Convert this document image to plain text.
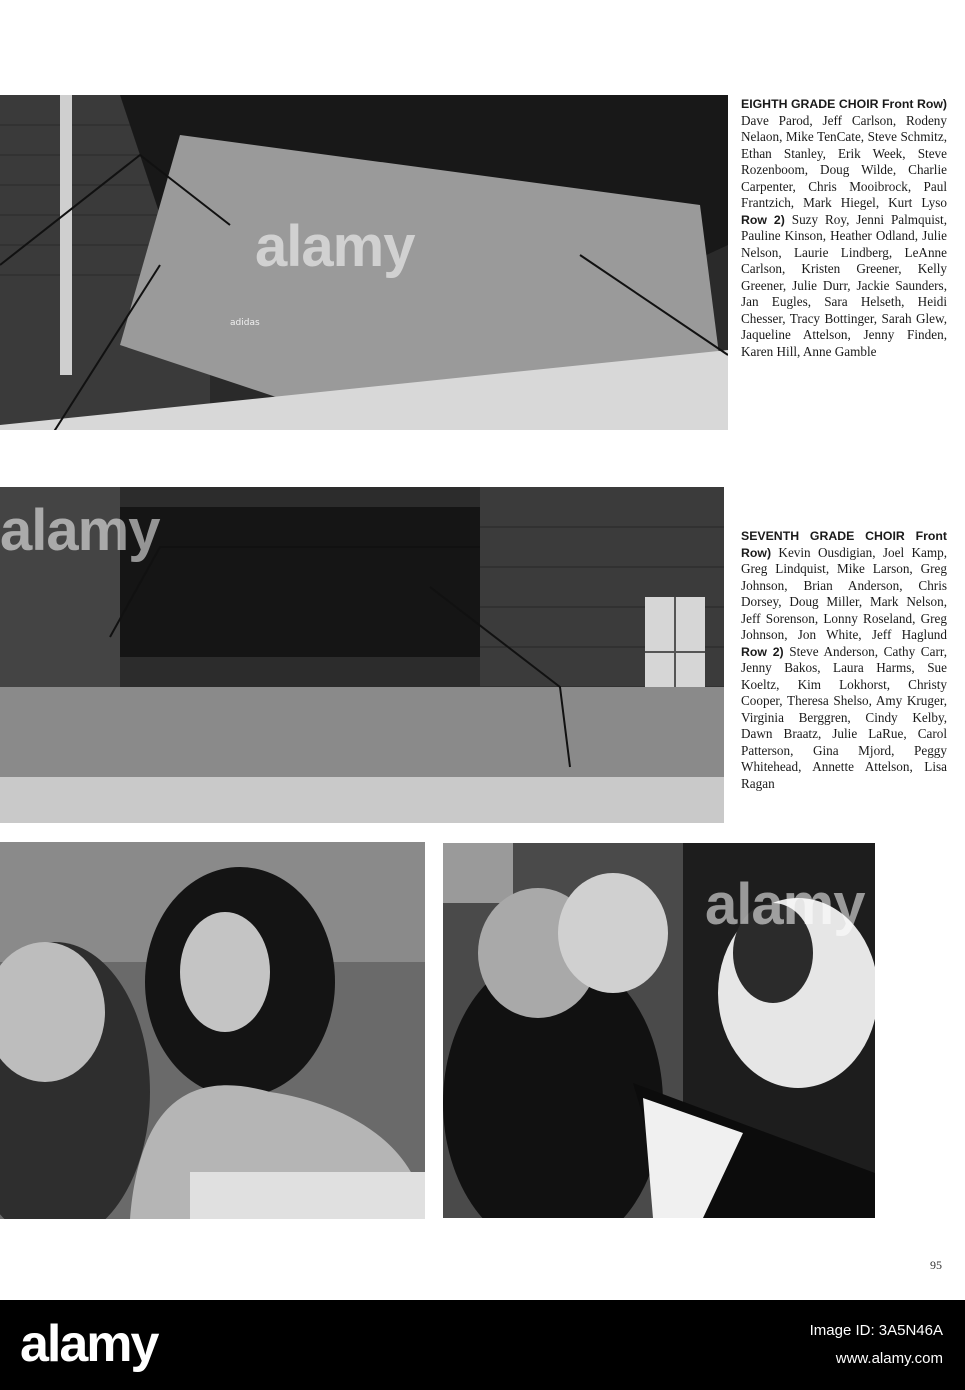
adidas
alamy
EIGHTH GRADE CHOIR Front Row) Dave Parod, Jeff Carlson, Rodeny Nelaon, Mike TenCate, Steve Schmitz, Ethan Stanley, Erik Week, Steve Rozenboom, Doug Wilde, Charlie Carpenter, Chris Mooibrock, Paul Frantzich, Mark Hiegel, Kurt Lyso Row 2) Suzy Roy, Jenni Palmquist, Pauline Kinson, Heather Odland, Julie Nelson, Laurie Lindberg, LeAnne Carlson, Kristen Greener, Kelly Greener, Julie Durr, Jackie Saunders, Jan Eugles, Sara Helseth, Heidi Chesser, Tracy Bottinger, Sarah Glew, Jaqueline Attelson, Jenny Finden, Karen Hill, Anne Gamble
alamy	SEVENTH GRADE CHOIR Front Row) Kevin Ousdigian, Joel Kamp, Greg Lindquist, Mike Larson, Greg Johnson, Brian Anderson, Chris Dorsey, Doug Miller, Mark Nelson, Jeff Sorenson, Lonny Roseland, Greg Johnson, Jon White, Jeff Haglund Row 2) Steve Anderson, Cathy Carr, Jenny Bakos, Laura Harms, Sue Koeltz, Kim Lokhorst, Christy Cooper, Theresa Shelso, Amy Kruger, Virginia Berggren, Cindy Kelby, Dawn Braatz, Julie LaRue, Carol Patterson, Gina Mjord, Peggy Whitehead, Annette Attelson, Lisa Ragan
alamy
95
alamy	Image ID: 3A5N46A
www.alamy.com
